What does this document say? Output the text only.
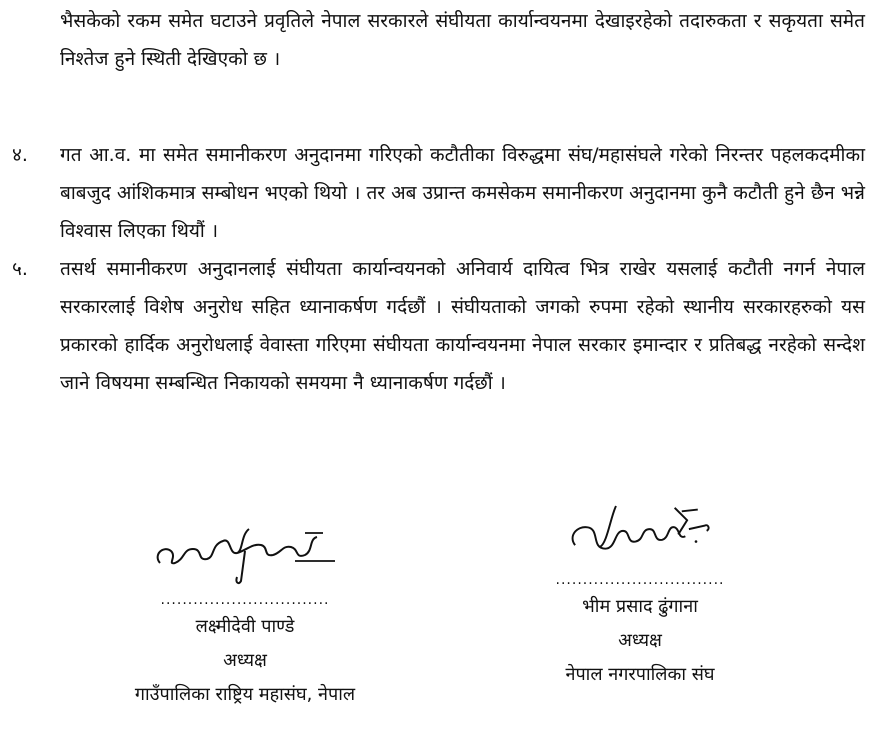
भैसकेको रकम समेत घटाउने प्रवृतिले नेपाल सरकारले संघीयता कार्यान्वयनमा देखाइरहेको तदारुकता र सकृयता समेत निश्तेज हुने स्थिती देखिएको छ ।
४. गत आ.व. मा समेत समानीकरण अनुदानमा गरिएको कटौतीका विरुद्धमा संघ/महासंघले गरेको निरन्तर पहलकदमीका बाबजुद आंशिकमात्र सम्बोधन भएको थियो । तर अब उप्रान्त कमसेकम समानीकरण अनुदानमा कुनै कटौती हुने छैन भन्ने विश्वास लिएका थियौं ।
५. तसर्थ समानीकरण अनुदानलाई संघीयता कार्यान्वयनको अनिवार्य दायित्व भित्र राखेर यसलाई कटौती नगर्न नेपाल सरकारलाई विशेष अनुरोध सहित ध्यानाकर्षण गर्दछौं । संघीयताको जगको रुपमा रहेको स्थानीय सरकारहरुको यस प्रकारको हार्दिक अनुरोधलाई वेवास्ता गरिएमा संघीयता कार्यान्वयनमा नेपाल सरकार इमान्दार र प्रतिबद्ध नरहेको सन्देश जाने विषयमा सम्बन्धित निकायको समयमा नै ध्यानाकर्षण गर्दछौं ।
...............................
लक्ष्मीदेवी पाण्डे
अध्यक्ष
गाउँपालिका राष्ट्रिय महासंघ, नेपाल
...............................
भीम प्रसाद ढुंगाना
अध्यक्ष
नेपाल नगरपालिका संघ
